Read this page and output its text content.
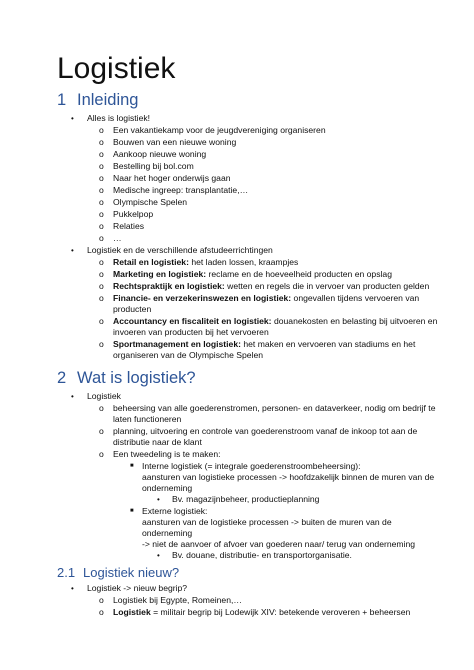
Logistiek
1 Inleiding
• Alles is logistiek!
o Een vakantiekamp voor de jeugdvereniging organiseren
o Bouwen van een nieuwe woning
o Aankoop nieuwe woning
o Bestelling bij bol.com
o Naar het hoger onderwijs gaan
o Medische ingreep: transplantatie,…
o Olympische Spelen
o Pukkelpop
o Relaties
o …
• Logistiek en de verschillende afstudeerrichtingen
o Retail en logistiek: het laden lossen, kraampjes
o Marketing en logistiek: reclame en de hoeveelheid producten en opslag
o Rechtspraktijk en logistiek: wetten en regels die in vervoer van producten gelden
o Financie- en verzekerinswezen en logistiek: ongevallen tijdens vervoeren van
producten
o Accountancy en fiscaliteit en logistiek: douanekosten en belasting bij uitvoeren en
invoeren van producten bij het vervoeren
o Sportmanagement en logistiek: het maken en vervoeren van stadiums en het
organiseren van de Olympische Spelen
2 Wat is logistiek?
• Logistiek
o beheersing van alle goederenstromen, personen- en dataverkeer, nodig om bedrijf te
laten functioneren
o planning, uitvoering en controle van goederenstroom vanaf de inkoop tot aan de
distributie naar de klant
o Een tweedeling is te maken:
■ Interne logistiek (= integrale goederenstroombeheersing):
aansturen van logistieke processen -> hoofdzakelijk binnen de muren van de
onderneming
• Bv. magazijnbeheer, productieplanning
■ Externe logistiek:
aansturen van de logistieke processen -> buiten de muren van de
onderneming
-> niet de aanvoer of afvoer van goederen naar/ terug van onderneming
• Bv. douane, distributie- en transportorganisatie.
2.1 Logistiek nieuw?
• Logistiek -> nieuw begrip?
o Logistiek bij Egypte, Romeinen,…
o Logistiek = militair begrip bij Lodewijk XIV: betekende veroveren + beheersen
